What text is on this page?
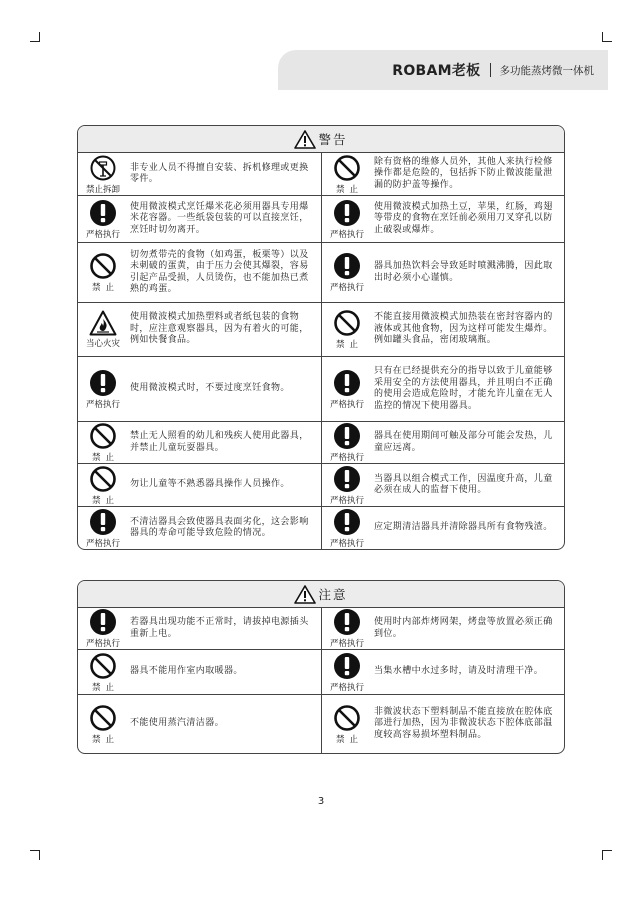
ROBAM老板 多功能蒸烤微一体机
警告
禁止拆卸
非专业人员不得擅自安装、拆机修理或更换零件。
禁止
除有资格的维修人员外，其他人来执行检修操作都是危险的，包括拆下防止微波能量泄漏的防护盖等操作。
严格执行
使用微波模式烹饪爆米花必须用器具专用爆米花容器。一些纸袋包装的可以直接烹饪，烹饪时切勿离开。	严格执行
使用微波模式加热土豆，苹果，红肠，鸡翅等带皮的食物在烹饪前必须用刀叉穿孔以防止破裂或爆炸。
禁止
切勿煮带壳的食物（如鸡蛋，板栗等）以及未刺破的蛋黄，由于压力会使其爆裂，容易引起产品受损，人员烫伤，也不能加热已煮熟的鸡蛋。	严格执行
器具加热饮料会导致延时喷溅沸腾，因此取出时必须小心谨慎。
当心火灾
使用微波模式加热塑料或者纸包装的食物时，应注意观察器具，因为有着火的可能，例如快餐食品。	禁止
不能直接用微波模式加热装在密封容器内的液体或其他食物，因为这样可能发生爆炸。例如罐头食品，密闭玻璃瓶。
严格执行
使用微波模式时，不要过度烹饪食物。
严格执行
只有在已经提供充分的指导以致于儿童能够采用安全的方法使用器具，并且明白不正确的使用会造成危险时，才能允许儿童在无人监控的情况下使用器具。
禁止
禁止无人照看的幼儿和残疾人使用此器具，并禁止儿童玩耍器具。
严格执行
器具在使用期间可触及部分可能会发热，儿童应远离。
禁止
勿让儿童等不熟悉器具操作人员操作。
严格执行
当器具以组合模式工作，因温度升高，儿童必须在成人的监督下使用。
严格执行
不清洁器具会致使器具表面劣化，这会影响器具的寿命可能导致危险的情况。
严格执行
应定期清洁器具并清除器具所有食物残渣。
注意
严格执行
若器具出现功能不正常时，请拔掉电源插头重新上电。
严格执行
使用时内部炸烤网架，烤盘等放置必须正确到位。
禁止
器具不能用作室内取暖器。
严格执行
当集水槽中水过多时，请及时清理干净。
禁止
不能使用蒸汽清洁器。
禁止
非微波状态下塑料制品不能直接放在腔体底部进行加热，因为非微波状态下腔体底部温度较高容易损坏塑料制品。
3
